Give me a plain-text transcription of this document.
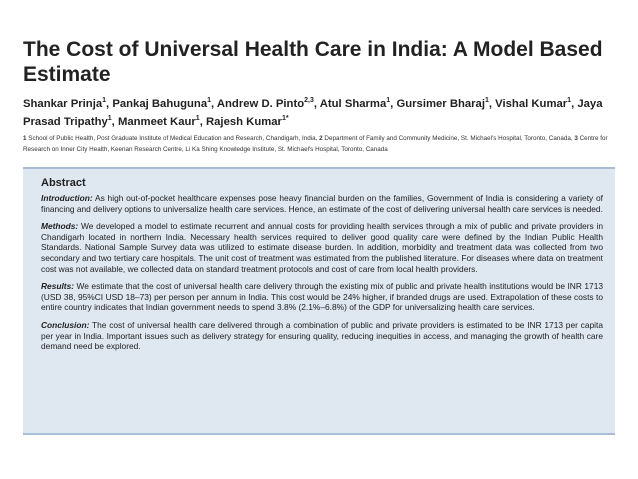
The Cost of Universal Health Care in India: A Model Based Estimate
Shankar Prinja$^1$, Pankaj Bahuguna$^1$, Andrew D. Pinto$^{2,3}$, Atul Sharma$^1$, Gursimer Bharaj$^1$, Vishal Kumar$^1$, Jaya Prasad Tripathy$^1$, Manmeet Kaur$^1$, Rajesh Kumar$^{1*}$
1 School of Public Health, Post Graduate Institute of Medical Education and Research, Chandigarh, India, 2 Department of Family and Community Medicine, St. Michael's Hospital, Toronto, Canada, 3 Centre for Research on Inner City Health, Keenan Research Centre, Li Ka Shing Knowledge Institute, St. Michael's Hospital, Toronto, Canada
Abstract

Introduction: As high out-of-pocket healthcare expenses pose heavy financial burden on the families, Government of India is considering a variety of financing and delivery options to universalize health care services. Hence, an estimate of the cost of delivering universal health care services is needed.

Methods: We developed a model to estimate recurrent and annual costs for providing health services through a mix of public and private providers in Chandigarh located in northern India. Necessary health services required to deliver good quality care were defined by the Indian Public Health Standards. National Sample Survey data was utilized to estimate disease burden. In addition, morbidity and treatment data was collected from two secondary and two tertiary care hospitals. The unit cost of treatment was estimated from the published literature. For diseases where data on treatment cost was not available, we collected data on standard treatment protocols and cost of care from local health providers.

Results: We estimate that the cost of universal health care delivery through the existing mix of public and private health institutions would be INR 1713 (USD 38, 95%CI USD 18–73) per person per annum in India. This cost would be 24% higher, if branded drugs are used. Extrapolation of these costs to entire country indicates that Indian government needs to spend 3.8% (2.1%–6.8%) of the GDP for universalizing health care services.

Conclusion: The cost of universal health care delivered through a combination of public and private providers is estimated to be INR 1713 per capita per year in India. Important issues such as delivery strategy for ensuring quality, reducing inequities in access, and managing the growth of health care demand need be explored.
